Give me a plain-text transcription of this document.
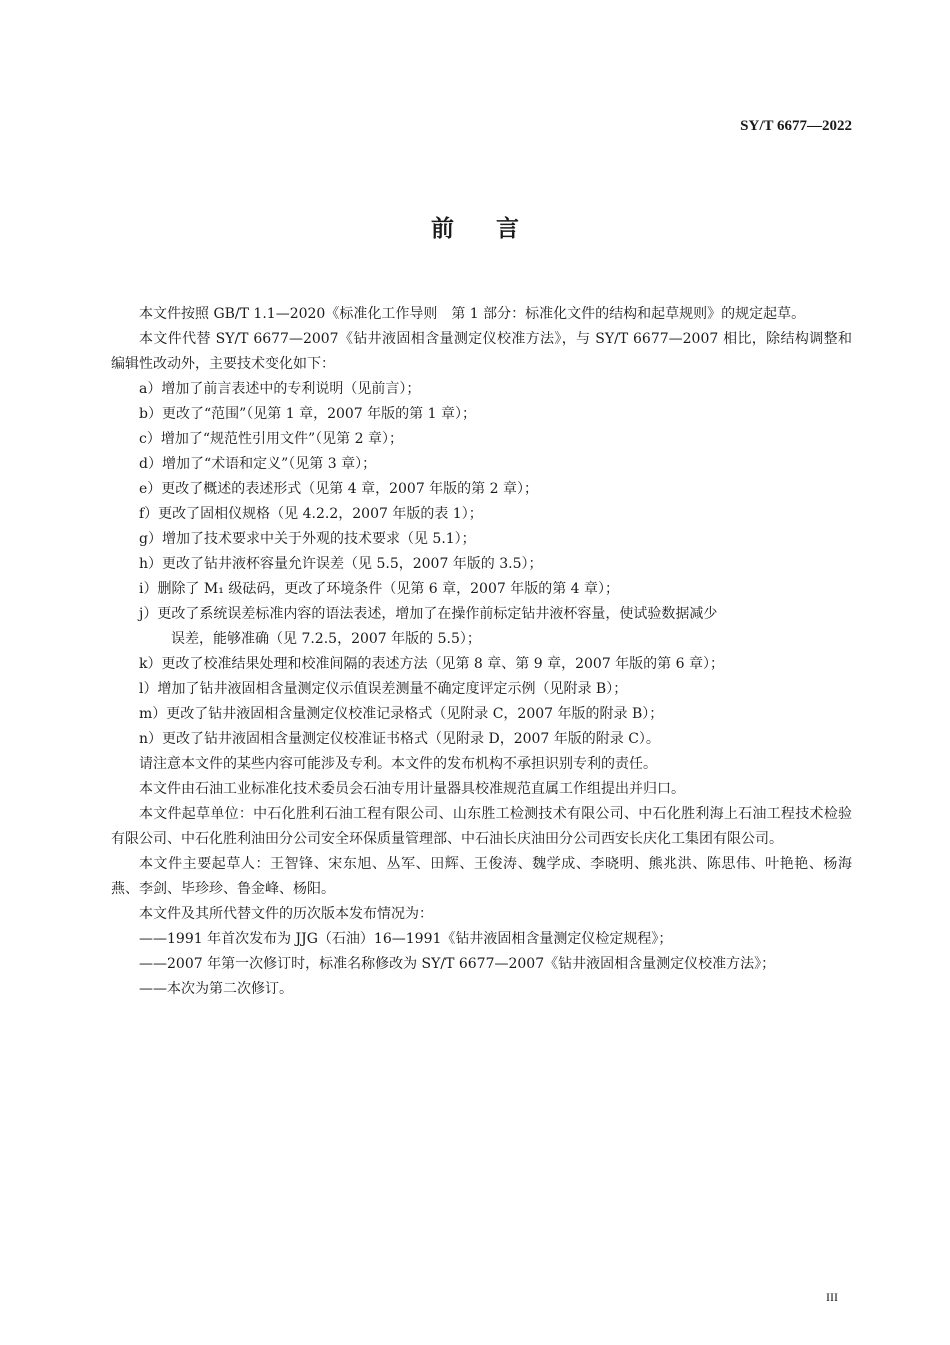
SY/T 6677—2022
前言

本文件按照 GB/T 1.1—2020《标准化工作导则　第 1 部分：标准化文件的结构和起草规则》的规定起草。

本文件代替 SY/T 6677—2007《钻井液固相含量测定仪校准方法》，与 SY/T 6677—2007 相比，除结构调整和编辑性改动外，主要技术变化如下：

a）增加了前言表述中的专利说明（见前言）；

b）更改了“范围”（见第 1 章，2007 年版的第 1 章）；

c）增加了“规范性引用文件”（见第 2 章）；

d）增加了“术语和定义”（见第 3 章）；

e）更改了概述的表述形式（见第 4 章，2007 年版的第 2 章）；

f）更改了固相仪规格（见 4.2.2，2007 年版的表 1）；

g）增加了技术要求中关于外观的技术要求（见 5.1）；

h）更改了钻井液杯容量允许误差（见 5.5，2007 年版的 3.5）；

i）删除了 M₁ 级砝码，更改了环境条件（见第 6 章，2007 年版的第 4 章）；

j）更改了系统误差标准内容的语法表述，增加了在操作前标定钻井液杯容量，使试验数据减少
误差，能够准确（见 7.2.5，2007 年版的 5.5）；

k）更改了校准结果处理和校准间隔的表述方法（见第 8 章、第 9 章，2007 年版的第 6 章）；

l）增加了钻井液固相含量测定仪示值误差测量不确定度评定示例（见附录 B）；

m）更改了钻井液固相含量测定仪校准记录格式（见附录 C，2007 年版的附录 B）；

n）更改了钻井液固相含量测定仪校准证书格式（见附录 D，2007 年版的附录 C）。

请注意本文件的某些内容可能涉及专利。本文件的发布机构不承担识别专利的责任。

本文件由石油工业标准化技术委员会石油专用计量器具校准规范直属工作组提出并归口。

本文件起草单位：中石化胜利石油工程有限公司、山东胜工检测技术有限公司、中石化胜利海上石油工程技术检验有限公司、中石化胜利油田分公司安全环保质量管理部、中石油长庆油田分公司西安长庆化工集团有限公司。

本文件主要起草人：王智锋、宋东旭、丛军、田辉、王俊涛、魏学成、李晓明、熊兆洪、陈思伟、叶艳艳、杨海燕、李剑、毕珍珍、鲁金峰、杨阳。

本文件及其所代替文件的历次版本发布情况为：

——1991 年首次发布为 JJG（石油）16—1991《钻井液固相含量测定仪检定规程》；

——2007 年第一次修订时，标准名称修改为 SY/T 6677—2007《钻井液固相含量测定仪校准方法》；

——本次为第二次修订。

III
